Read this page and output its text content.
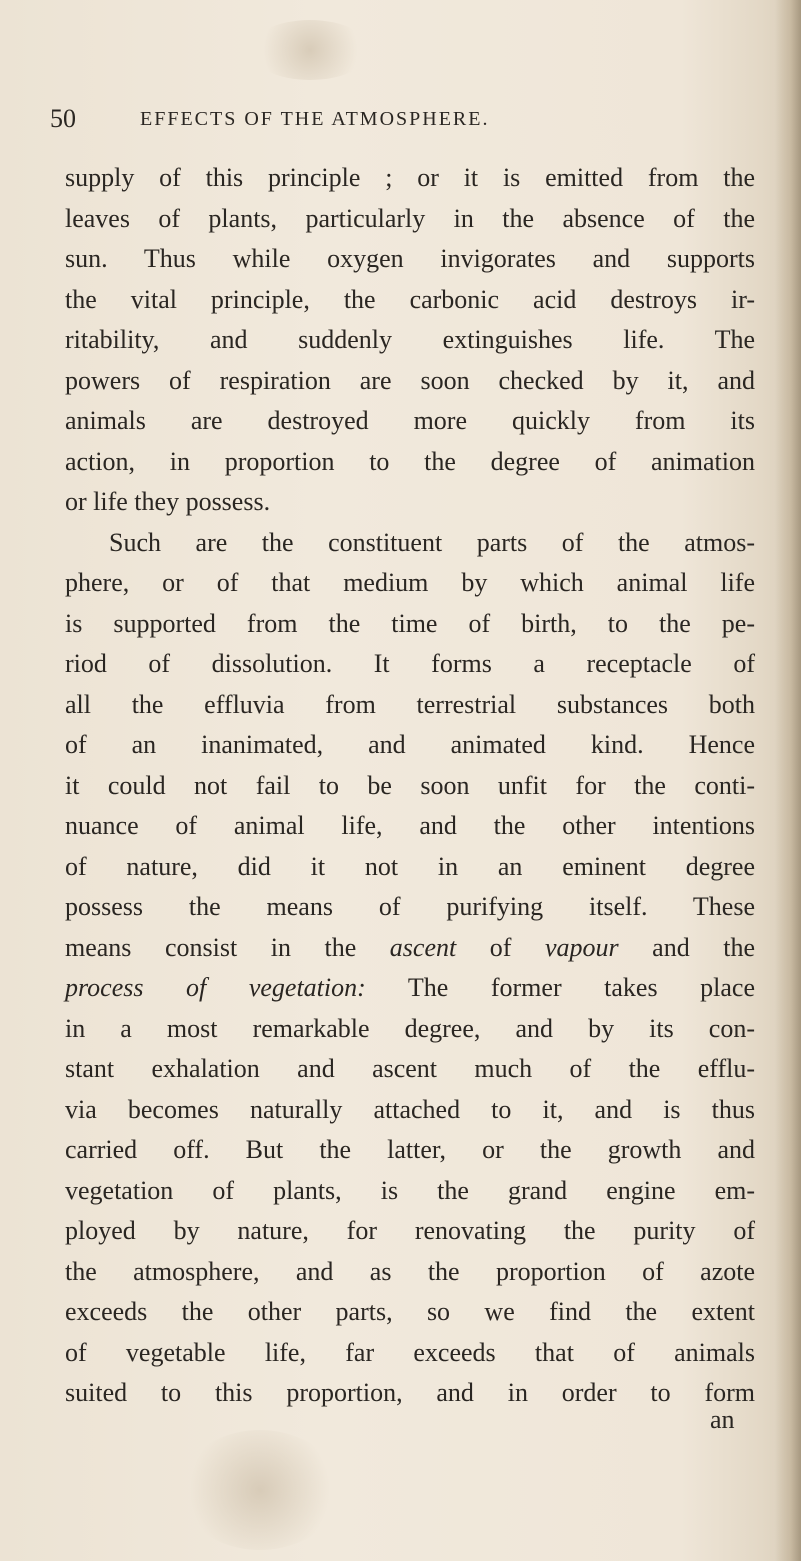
50	EFFECTS OF THE ATMOSPHERE.
supply of this principle ; or it is emitted from the
leaves of plants, particularly in the absence of the
sun. Thus while oxygen invigorates and supports
the vital principle, the carbonic acid destroys ir-
ritability, and suddenly extinguishes life. The
powers of respiration are soon checked by it, and
animals are destroyed more quickly from its
action, in proportion to the degree of animation
or life they possess.
Such are the constituent parts of the atmos-
phere, or of that medium by which animal life
is supported from the time of birth, to the pe-
riod of dissolution. It forms a receptacle of
all the effluvia from terrestrial substances both
of an inanimated, and animated kind. Hence
it could not fail to be soon unfit for the conti-
nuance of animal life, and the other intentions
of nature, did it not in an eminent degree
possess the means of purifying itself. These
means consist in the ascent of vapour and the
process of vegetation: The former takes place
in a most remarkable degree, and by its con-
stant exhalation and ascent much of the efflu-
via becomes naturally attached to it, and is thus
carried off. But the latter, or the growth and
vegetation of plants, is the grand engine em-
ployed by nature, for renovating the purity of
the atmosphere, and as the proportion of azote
exceeds the other parts, so we find the extent
of vegetable life, far exceeds that of animals
suited to this proportion, and in order to form
an
